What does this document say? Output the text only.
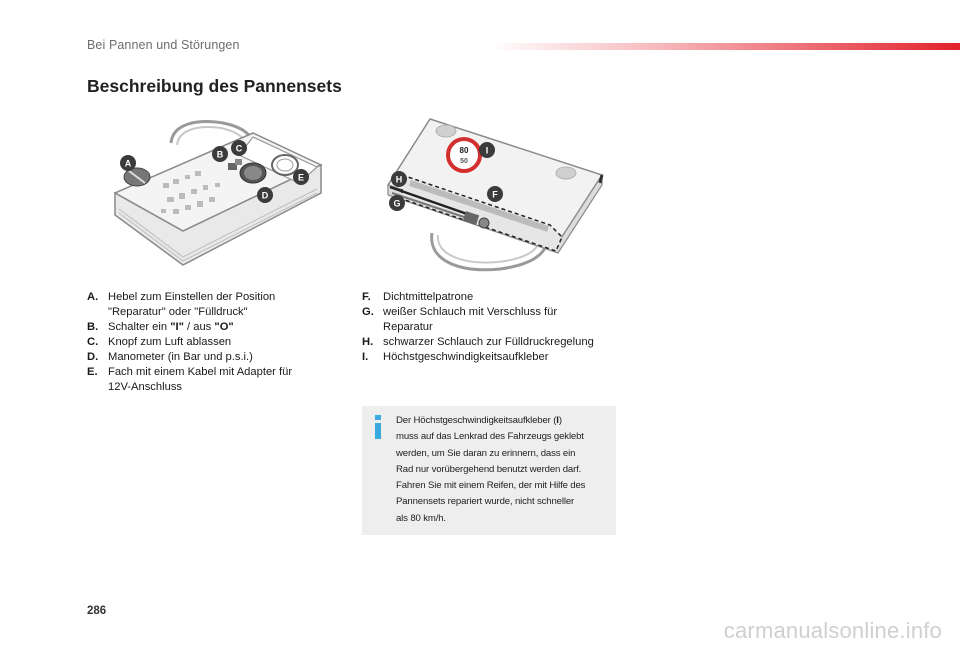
Bei Pannen und Störungen
Beschreibung des Pannensets
A
B
C
D
E
80
50
H
I
F
G
A. Hebel zum Einstellen der Position
"Reparatur" oder "Fülldruck"
B. Schalter ein "I" / aus "O"
C. Knopf zum Luft ablassen
D. Manometer (in Bar und p.s.i.)
E. Fach mit einem Kabel mit Adapter für
12V-Anschluss
F.	Dichtmittelpatrone
G. weißer Schlauch mit Verschluss für
Reparatur
H. schwarzer Schlauch zur Fülldruckregelung
I.	Höchstgeschwindigkeitsaufkleber
Der Höchstgeschwindigkeitsaufkleber (I)
muss auf das Lenkrad des Fahrzeugs geklebt
werden, um Sie daran zu erinnern, dass ein
Rad nur vorübergehend benutzt werden darf.
Fahren Sie mit einem Reifen, der mit Hilfe des
Pannensets repariert wurde, nicht schneller
als 80 km/h.
286
carmanualsonline.info
